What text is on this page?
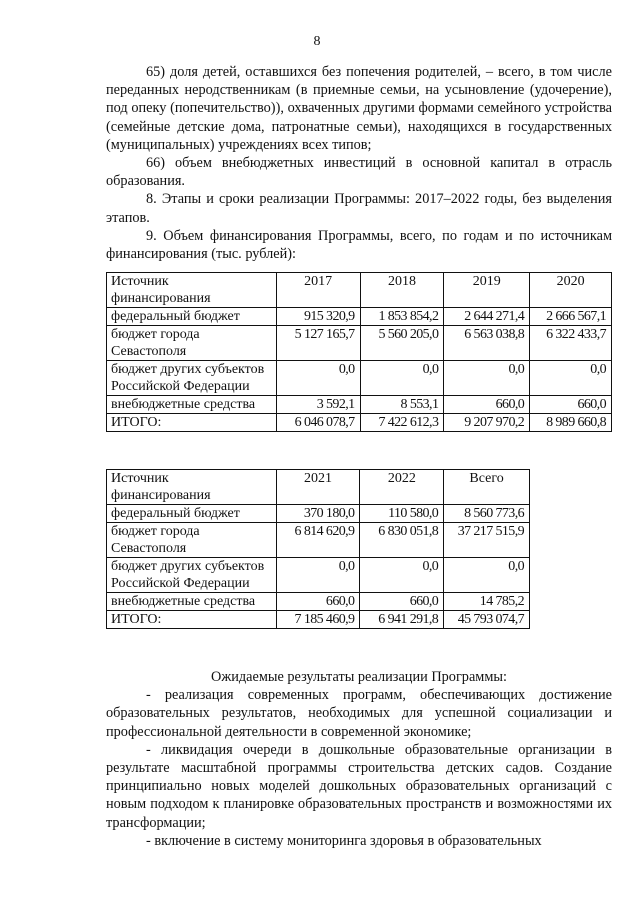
8

65) доля детей, оставшихся без попечения родителей, – всего, в том числе переданных неродственникам (в приемные семьи, на усыновление (удочерение), под опеку (попечительство)), охваченных другими формами семейного устройства (семейные детские дома, патронатные семьи), находящихся в государственных (муниципальных) учреждениях всех типов;

66) объем внебюджетных инвестиций в основной капитал в отрасль образования.

8. Этапы и сроки реализации Программы: 2017–2022 годы, без выделения этапов.

9. Объем финансирования Программы, всего, по годам и по источникам финансирования (тыс. рублей):

Источник финансирования	2017	2018	2019	2020
федеральный бюджет	915 320,9	1 853 854,2	2 644 271,4	2 666 567,1
бюджет города Севастополя	5 127 165,7	5 560 205,0	6 563 038,8	6 322 433,7
бюджет других субъектов Российской Федерации	0,0	0,0	0,0	0,0
внебюджетные средства	3 592,1	8 553,1	660,0	660,0
ИТОГО:	6 046 078,7	7 422 612,3	9 207 970,2	8 989 660,8
Источник финансирования	2021	2022	Всего
федеральный бюджет	370 180,0	110 580,0	8 560 773,6
бюджет города Севастополя	6 814 620,9	6 830 051,8	37 217 515,9
бюджет других субъектов Российской Федерации	0,0	0,0	0,0
внебюджетные средства	660,0	660,0	14 785,2
ИТОГО:	7 185 460,9	6 941 291,8	45 793 074,7

Ожидаемые результаты реализации Программы:

- реализация современных программ, обеспечивающих достижение образовательных результатов, необходимых для успешной социализации и профессиональной деятельности в современной экономике;

- ликвидация очереди в дошкольные образовательные организации в результате масштабной программы строительства детских садов. Создание принципиально новых моделей дошкольных образовательных организаций с новым подходом к планировке образовательных пространств и возможностями их трансформации;

- включение в систему мониторинга здоровья в образовательных
